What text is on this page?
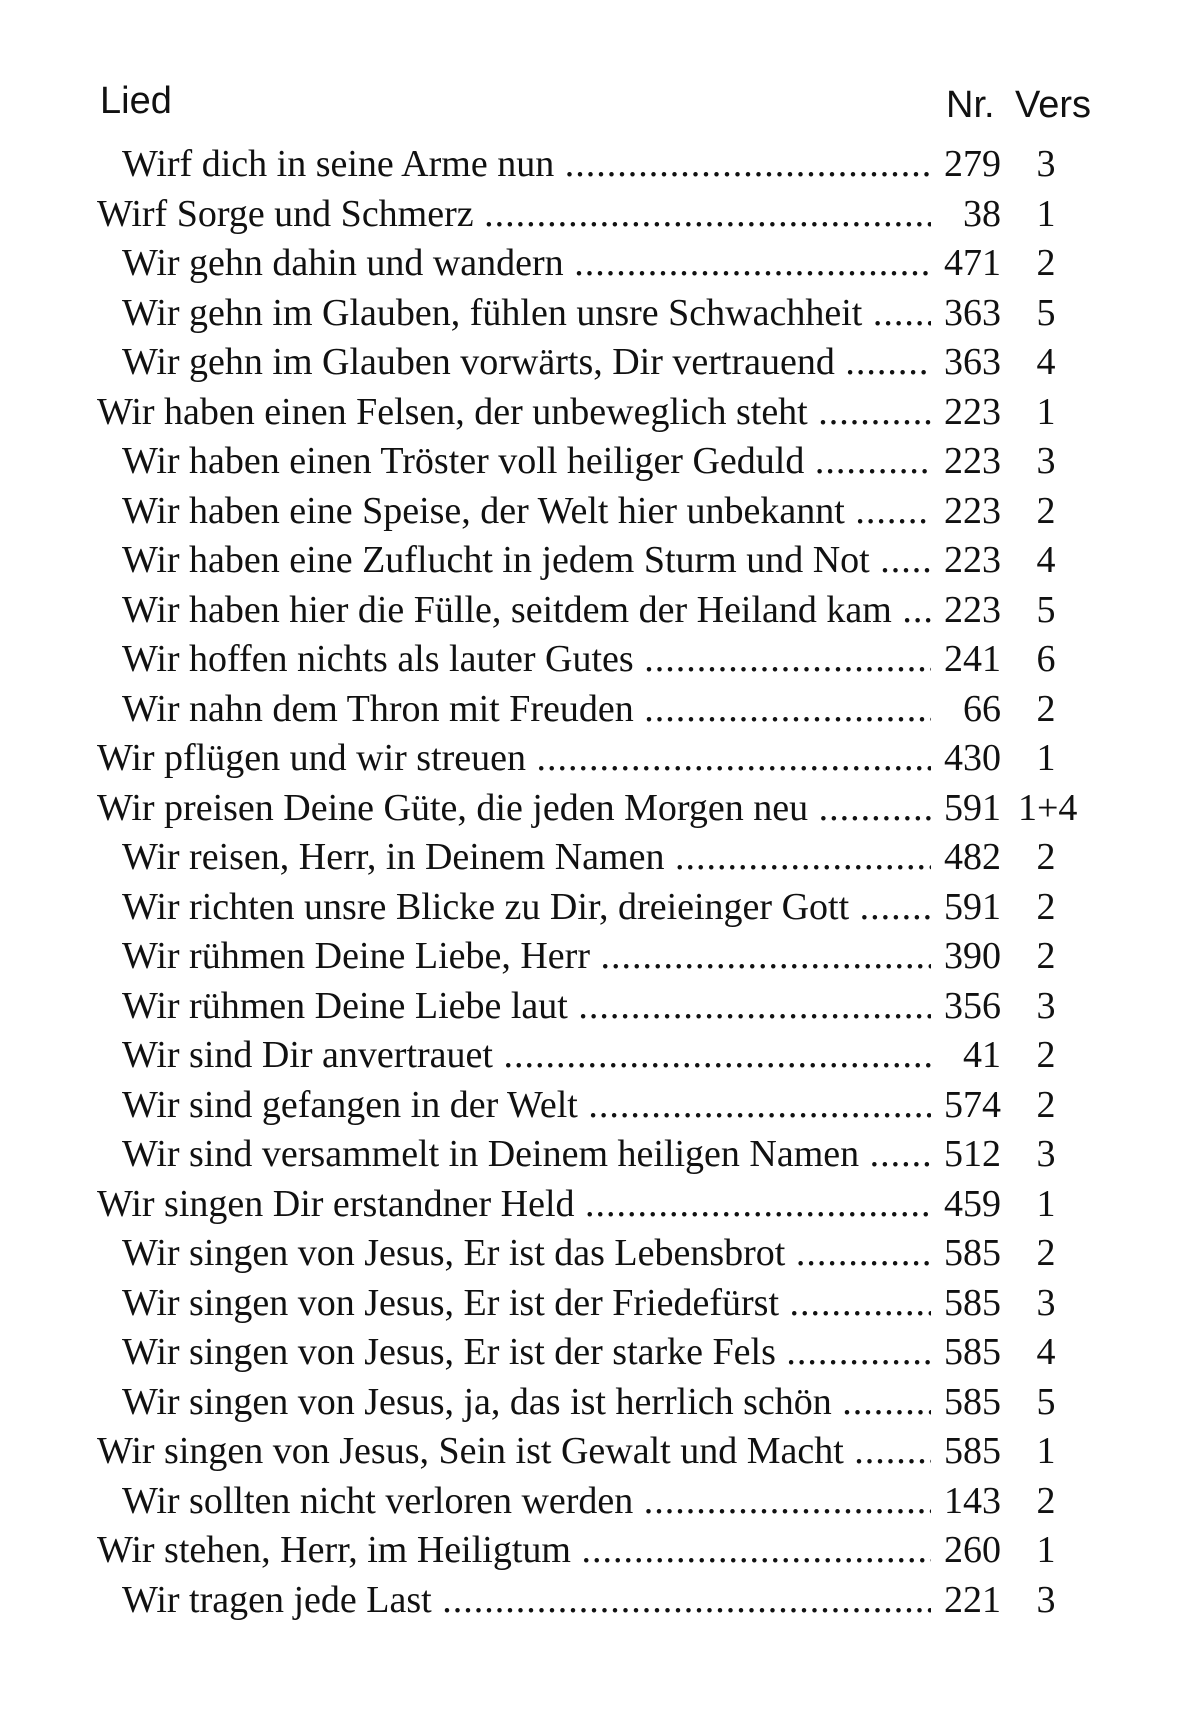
Lied	Nr. Vers
Wirf dich in seine Arme nun .....	279 3
Wirf Sorge und Schmerz .....	38 1
Wir gehn dahin und wandern .....	471 2
Wir gehn im Glauben, fühlen unsre Schwachheit .....	363 5
Wir gehn im Glauben vorwärts, Dir vertrauend .....	363 4
Wir haben einen Felsen, der unbeweglich steht .....	223 1
Wir haben einen Tröster voll heiliger Geduld .....	223 3
Wir haben eine Speise, der Welt hier unbekannt .....	223 2
Wir haben eine Zuflucht in jedem Sturm und Not .....	223 4
Wir haben hier die Fülle, seitdem der Heiland kam .....	223 5
Wir hoffen nichts als lauter Gutes .....	241 6
Wir nahn dem Thron mit Freuden .....	66 2
Wir pflügen und wir streuen .....	430 1
Wir preisen Deine Güte, die jeden Morgen neu .....	591 1+4
Wir reisen, Herr, in Deinem Namen .....	482 2
Wir richten unsre Blicke zu Dir, dreieinger Gott .....	591 2
Wir rühmen Deine Liebe, Herr .....	390 2
Wir rühmen Deine Liebe laut .....	356 3
Wir sind Dir anvertrauet .....	41 2
Wir sind gefangen in der Welt .....	574 2
Wir sind versammelt in Deinem heiligen Namen .....	512 3
Wir singen Dir erstandner Held .....	459 1
Wir singen von Jesus, Er ist das Lebensbrot .....	585 2
Wir singen von Jesus, Er ist der Friedefürst .....	585 3
Wir singen von Jesus, Er ist der starke Fels .....	585 4
Wir singen von Jesus, ja, das ist herrlich schön .....	585 5
Wir singen von Jesus, Sein ist Gewalt und Macht .....	585 1
Wir sollten nicht verloren werden .....	143 2
Wir stehen, Herr, im Heiligtum .....	260 1
Wir tragen jede Last .....	221 3
